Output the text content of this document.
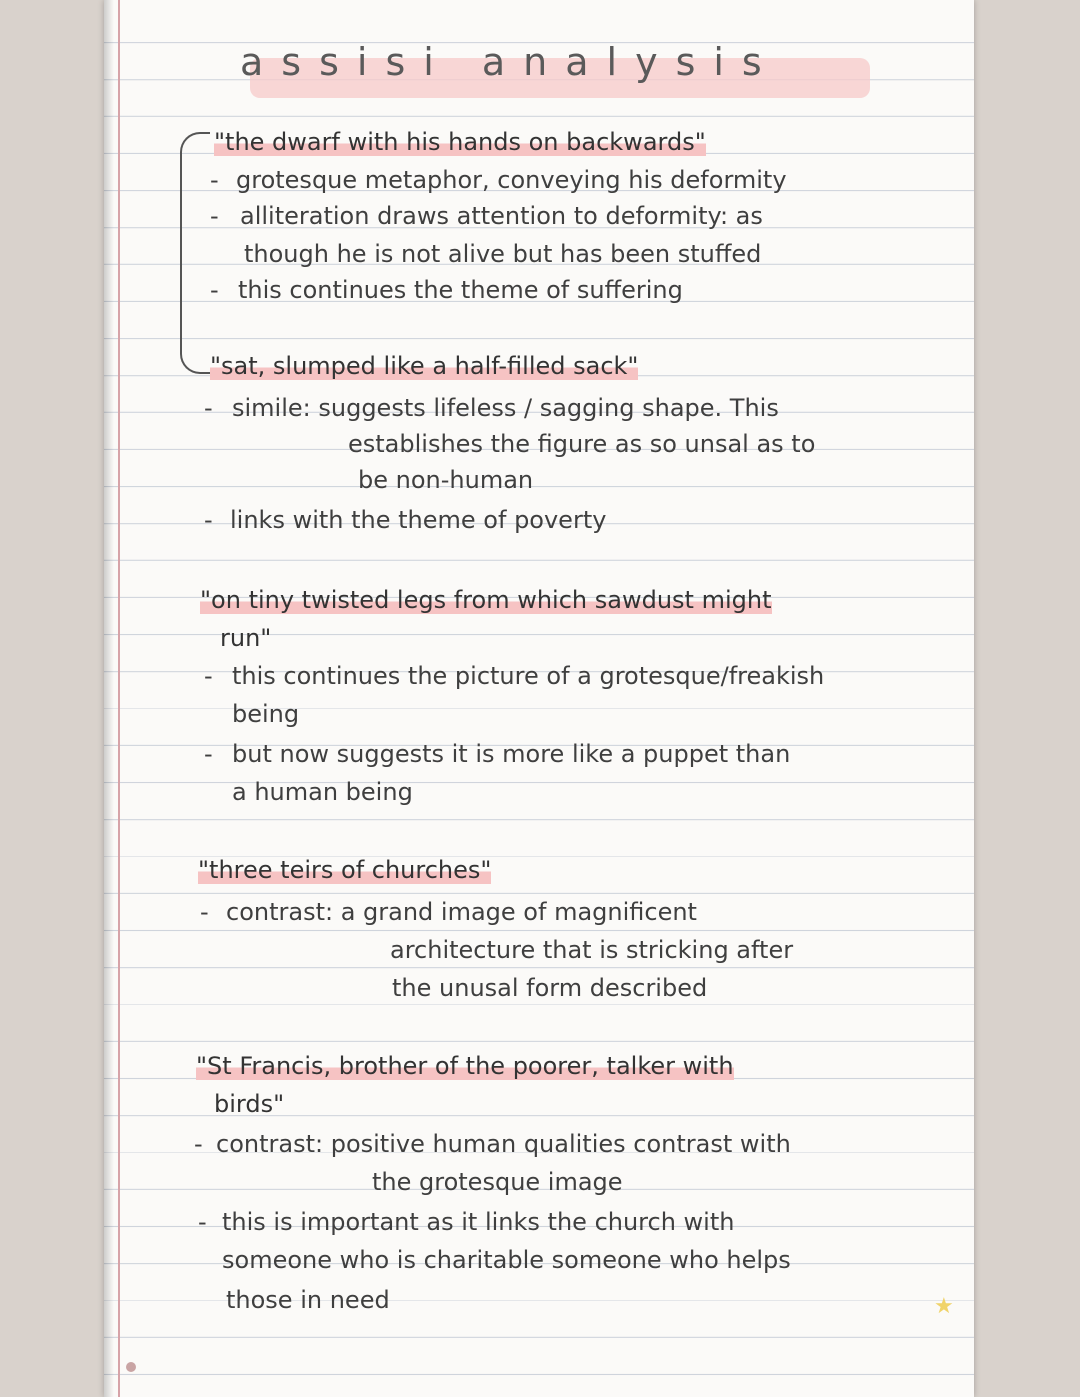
assisi analysis
"the dwarf with his hands on backwards"
- grotesque metaphor, conveying his deformity
- alliteration draws attention to deformity: as
though he is not alive but has been stuffed
- this continues the theme of suffering
"sat, slumped like a half-filled sack"
- simile: suggests lifeless / sagging shape. This
establishes the figure as so unsal as to
be non-human
- links with the theme of poverty
"on tiny twisted legs from which sawdust might
run"
- this continues the picture of a grotesque/freakish
being
- but now suggests it is more like a puppet than
a human being
"three teirs of churches"
- contrast: a grand image of magnificent
architecture that is stricking after
the unusal form described
"St Francis, brother of the poorer, talker with
birds"
- contrast: positive human qualities contrast with
the grotesque image
- this is important as it links the church with
someone who is charitable someone who helps
those in need	★
